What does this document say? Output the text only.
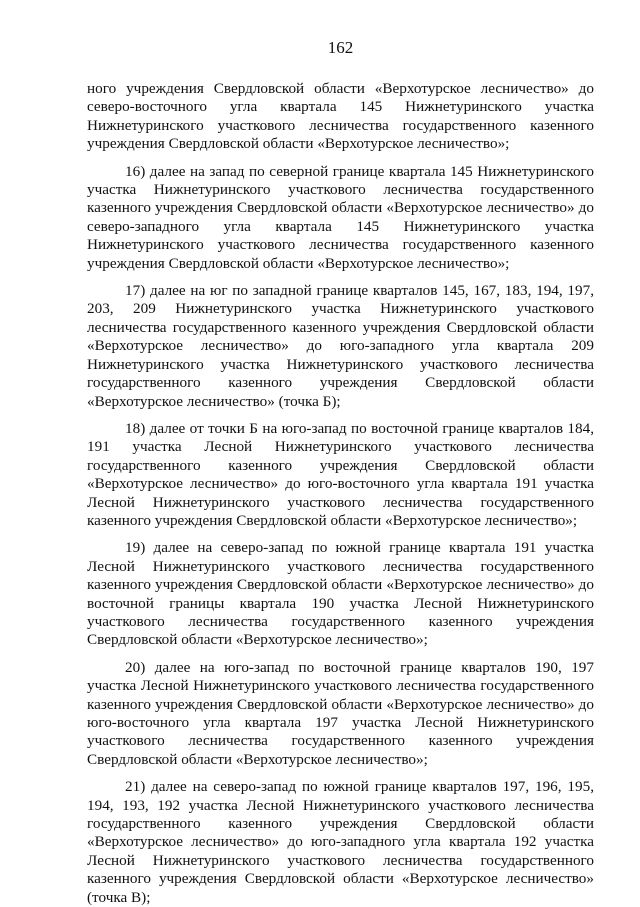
162

ного учреждения Свердловской области «Верхотурское лесничество» до северо-восточного угла квартала 145 Нижнетуринского участка Нижнетуринского участкового лесничества государственного казенного учреждения Свердловской области «Верхотурское лесничество»;

16) далее на запад по северной границе квартала 145 Нижнетуринского участка Нижнетуринского участкового лесничества государственного казенного учреждения Свердловской области «Верхотурское лесничество» до северо-западного угла квартала 145 Нижнетуринского участка Нижнетуринского участкового лесничества государственного казенного учреждения Свердловской области «Верхотурское лесничество»;

17) далее на юг по западной границе кварталов 145, 167, 183, 194, 197, 203, 209 Нижнетуринского участка Нижнетуринского участкового лесничества государственного казенного учреждения Свердловской области «Верхотурское лесничество» до юго-западного угла квартала 209 Нижнетуринского участка Нижнетуринского участкового лесничества государственного казенного учреждения Свердловской области «Верхотурское лесничество» (точка Б);

18) далее от точки Б на юго-запад по восточной границе кварталов 184, 191 участка Лесной Нижнетуринского участкового лесничества государственного казенного учреждения Свердловской области «Верхотурское лесничество» до юго-восточного угла квартала 191 участка Лесной Нижнетуринского участкового лесничества государственного казенного учреждения Свердловской области «Верхотурское лесничество»;

19) далее на северо-запад по южной границе квартала 191 участка Лесной Нижнетуринского участкового лесничества государственного казенного учреждения Свердловской области «Верхотурское лесничество» до восточной границы квартала 190 участка Лесной Нижнетуринского участкового лесничества государственного казенного учреждения Свердловской области «Верхотурское лесничество»;

20) далее на юго-запад по восточной границе кварталов 190, 197 участка Лесной Нижнетуринского участкового лесничества государственного казенного учреждения Свердловской области «Верхотурское лесничество» до юго-восточного угла квартала 197 участка Лесной Нижнетуринского участкового лесничества государственного казенного учреждения Свердловской области «Верхотурское лесничество»;

21) далее на северо-запад по южной границе кварталов 197, 196, 195, 194, 193, 192 участка Лесной Нижнетуринского участкового лесничества государственного казенного учреждения Свердловской области «Верхотурское лесничество» до юго-западного угла квартала 192 участка Лесной Нижнетуринского участкового лесничества государственного казенного учреждения Свердловской области «Верхотурское лесничество» (точка В);
